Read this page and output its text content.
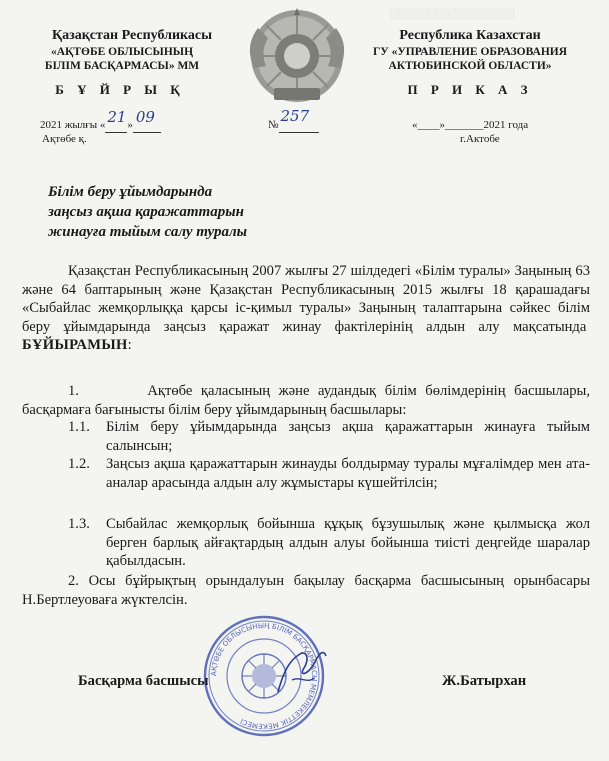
░░░░░░░░░░░░░░░░
Қазақстан Республикасы
«АҚТӨБЕ ОБЛЫСЫНЫҢ
БІЛІМ БАСҚАРМАСЫ» ММ
Б Ұ Й Р Ы Қ
Республика Казахстан
ГУ «УПРАВЛЕНИЕ ОБРАЗОВАНИЯ
АКТЮБИНСКОЙ ОБЛАСТИ»
П Р И К А З
2021 жылғы « 21 » 09

Ақтөбе қ.
№ 257
	«____»_______2021 года
г.Актобе
Білім беру ұйымдарында
заңсыз ақша қаражаттарын
жинауға тыйым салу туралы
Қазақстан Республикасының 2007 жылғы 27 шілдедегі «Білім туралы» Заңының 63 және 64 баптарының және Қазақстан Республикасының 2015 жылғы 18 қарашадағы «Сыбайлас жемқорлыққа қарсы іс-қимыл туралы» Заңының талаптарына сәйкес білім беру ұйымдарында заңсыз қаражат жинау фактілерінің алдын алу мақсатында  БҰЙЫРАМЫН:
1.        Ақтөбе қаласының және аудандық білім бөлімдерінің басшылары, басқармаға бағынысты білім беру ұйымдарының басшылары:
1.1. Білім беру ұйымдарында заңсыз ақша қаражаттарын жинауға тыйым салынсын;
1.2. Заңсыз ақша қаражаттарын жинауды болдырмау туралы мұғалімдер мен ата-аналар арасында алдын алу жұмыстары күшейтілсін;
1.3. Сыбайлас жемқорлық бойынша құқық бұзушылық және қылмысқа жол берген барлық айғақтардың алдын алуы бойынша тиісті деңгейде шаралар қабылдасын.
2. Осы бұйрықтың орындалуын бақылау басқарма басшысының орынбасары Н.Бертлеуоваға жүктелсін.
АҚТӨБЕ ОБЛЫСЫНЫҢ БІЛІМ БАСҚАРМАСЫ МЕМЛЕКЕТТІК МЕКЕМЕСІ
Басқарма басшысы	Ж.Батырхан
